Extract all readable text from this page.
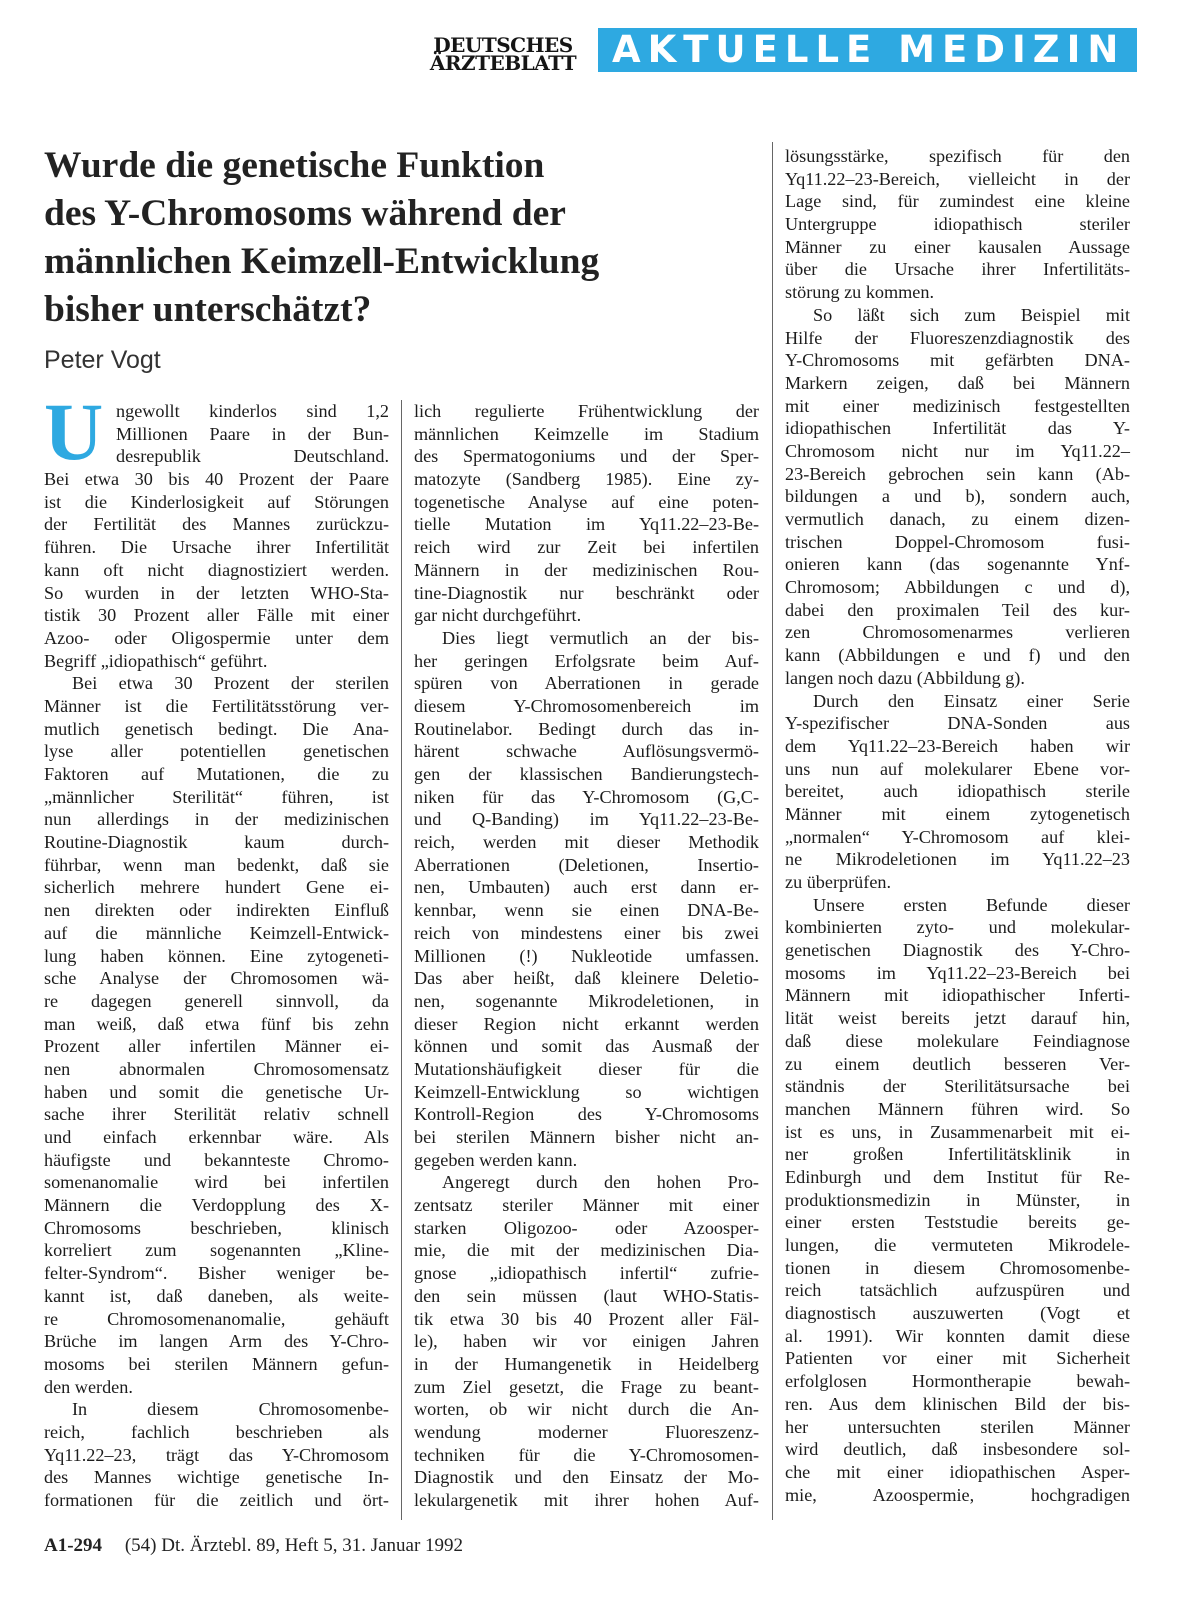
DEUTSCHES
ÄRZTEBLATT AKTUELLE MEDIZIN
Wurde die genetische Funktion
des Y-Chromosoms während der
männlichen Keimzell-Entwicklung
bisher unterschätzt?
Peter Vogt
U ngewollt kinderlos sind 1,2
Millionen Paare in der Bun-
desrepublik Deutschland.
Bei etwa 30 bis 40 Prozent der Paare
ist die Kinderlosigkeit auf Störungen
der Fertilität des Mannes zurückzu-
führen. Die Ursache ihrer Infertilität
kann oft nicht diagnostiziert werden.
So wurden in der letzten WHO-Sta-
tistik 30 Prozent aller Fälle mit einer
Azoo- oder Oligospermie unter dem
Begriff „idiopathisch“ geführt.
Bei etwa 30 Prozent der sterilen
Männer ist die Fertilitätsstörung ver-
mutlich genetisch bedingt. Die Ana-
lyse aller potentiellen genetischen
Faktoren auf Mutationen, die zu
„männlicher Sterilität“ führen, ist
nun allerdings in der medizinischen
Routine-Diagnostik kaum durch-
führbar, wenn man bedenkt, daß sie
sicherlich mehrere hundert Gene ei-
nen direkten oder indirekten Einfluß
auf die männliche Keimzell-Entwick-
lung haben können. Eine zytogeneti-
sche Analyse der Chromosomen wä-
re dagegen generell sinnvoll, da
man weiß, daß etwa fünf bis zehn
Prozent aller infertilen Männer ei-
nen abnormalen Chromosomensatz
haben und somit die genetische Ur-
sache ihrer Sterilität relativ schnell
und einfach erkennbar wäre. Als
häufigste und bekannteste Chromo-
somenanomalie wird bei infertilen
Männern die Verdopplung des X-
Chromosoms beschrieben, klinisch
korreliert zum sogenannten „Kline-
felter-Syndrom“. Bisher weniger be-
kannt ist, daß daneben, als weite-
re Chromosomenanomalie, gehäuft
Brüche im langen Arm des Y-Chro-
mosoms bei sterilen Männern gefun-
den werden.
In diesem Chromosomenbe-
reich, fachlich beschrieben als
Yq11.22–23, trägt das Y-Chromosom
des Mannes wichtige genetische In-
formationen für die zeitlich und ört-
lich regulierte Frühentwicklung der
männlichen Keimzelle im Stadium
des Spermatogoniums und der Sper-
matozyte (Sandberg 1985). Eine zy-
togenetische Analyse auf eine poten-
tielle Mutation im Yq11.22–23-Be-
reich wird zur Zeit bei infertilen
Männern in der medizinischen Rou-
tine-Diagnostik nur beschränkt oder
gar nicht durchgeführt.
Dies liegt vermutlich an der bis-
her geringen Erfolgsrate beim Auf-
spüren von Aberrationen in gerade
diesem Y-Chromosomenbereich im
Routinelabor. Bedingt durch das in-
härent schwache Auflösungsvermö-
gen der klassischen Bandierungstech-
niken für das Y-Chromosom (G,C-
und Q-Banding) im Yq11.22–23-Be-
reich, werden mit dieser Methodik
Aberrationen (Deletionen, Insertio-
nen, Umbauten) auch erst dann er-
kennbar, wenn sie einen DNA-Be-
reich von mindestens einer bis zwei
Millionen (!) Nukleotide umfassen.
Das aber heißt, daß kleinere Deletio-
nen, sogenannte Mikrodeletionen, in
dieser Region nicht erkannt werden
können und somit das Ausmaß der
Mutationshäufigkeit dieser für die
Keimzell-Entwicklung so wichtigen
Kontroll-Region des Y-Chromosoms
bei sterilen Männern bisher nicht an-
gegeben werden kann.
Angeregt durch den hohen Pro-
zentsatz steriler Männer mit einer
starken Oligozoo- oder Azoosper-
mie, die mit der medizinischen Dia-
gnose „idiopathisch infertil“ zufrie-
den sein müssen (laut WHO-Statis-
tik etwa 30 bis 40 Prozent aller Fäl-
le), haben wir vor einigen Jahren
in der Humangenetik in Heidelberg
zum Ziel gesetzt, die Frage zu beant-
worten, ob wir nicht durch die An-
wendung moderner Fluoreszenz-
techniken für die Y-Chromosomen-
Diagnostik und den Einsatz der Mo-
lekulargenetik mit ihrer hohen Auf-
lösungsstärke, spezifisch für den
Yq11.22–23-Bereich, vielleicht in der
Lage sind, für zumindest eine kleine
Untergruppe idiopathisch steriler
Männer zu einer kausalen Aussage
über die Ursache ihrer Infertilitäts-
störung zu kommen.
So läßt sich zum Beispiel mit
Hilfe der Fluoreszenzdiagnostik des
Y-Chromosoms mit gefärbten DNA-
Markern zeigen, daß bei Männern
mit einer medizinisch festgestellten
idiopathischen Infertilität das Y-
Chromosom nicht nur im Yq11.22–
23-Bereich gebrochen sein kann (Ab-
bildungen a und b), sondern auch,
vermutlich danach, zu einem dizen-
trischen Doppel-Chromosom fusi-
onieren kann (das sogenannte Ynf-
Chromosom; Abbildungen c und d),
dabei den proximalen Teil des kur-
zen Chromosomenarmes verlieren
kann (Abbildungen e und f) und den
langen noch dazu (Abbildung g).
Durch den Einsatz einer Serie
Y-spezifischer DNA-Sonden aus
dem Yq11.22–23-Bereich haben wir
uns nun auf molekularer Ebene vor-
bereitet, auch idiopathisch sterile
Männer mit einem zytogenetisch
„normalen“ Y-Chromosom auf klei-
ne Mikrodeletionen im Yq11.22–23
zu überprüfen.
Unsere ersten Befunde dieser
kombinierten zyto- und molekular-
genetischen Diagnostik des Y-Chro-
mosoms im Yq11.22–23-Bereich bei
Männern mit idiopathischer Inferti-
lität weist bereits jetzt darauf hin,
daß diese molekulare Feindiagnose
zu einem deutlich besseren Ver-
ständnis der Sterilitätsursache bei
manchen Männern führen wird. So
ist es uns, in Zusammenarbeit mit ei-
ner großen Infertilitätsklinik in
Edinburgh und dem Institut für Re-
produktionsmedizin in Münster, in
einer ersten Teststudie bereits ge-
lungen, die vermuteten Mikrodele-
tionen in diesem Chromosomenbe-
reich tatsächlich aufzuspüren und
diagnostisch auszuwerten (Vogt et
al. 1991). Wir konnten damit diese
Patienten vor einer mit Sicherheit
erfolglosen Hormontherapie bewah-
ren. Aus dem klinischen Bild der bis-
her untersuchten sterilen Männer
wird deutlich, daß insbesondere sol-
che mit einer idiopathischen Asper-
mie, Azoospermie, hochgradigen
A1-294 (54) Dt. Ärztebl. 89, Heft 5, 31. Januar 1992
